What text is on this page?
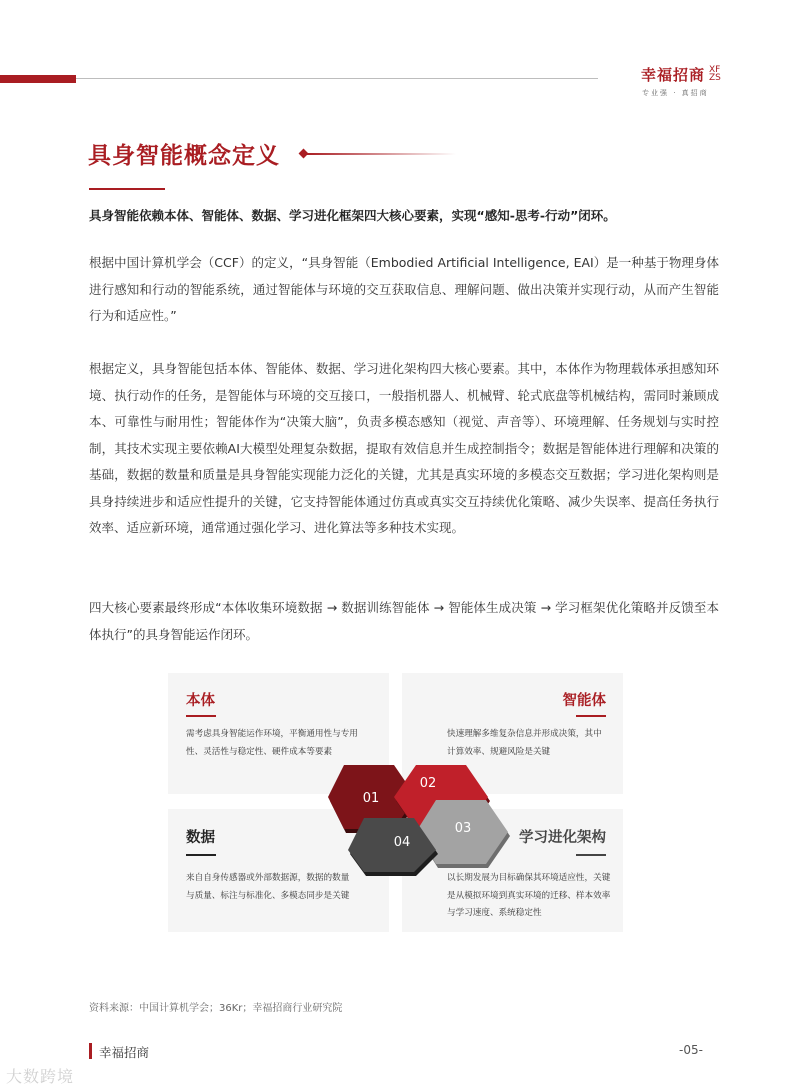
幸福招商 XF ZS
专业强 · 真招商
具身智能概念定义
具身智能依赖本体、智能体、数据、学习进化框架四大核心要素，实现“感知-思考-行动”闭环。
根据中国计算机学会（CCF）的定义，“具身智能（Embodied Artificial Intelligence, EAI）是一种基于物理身体进行感知和行动的智能系统，通过智能体与环境的交互获取信息、理解问题、做出决策并实现行动，从而产生智能行为和适应性。”
根据定义，具身智能包括本体、智能体、数据、学习进化架构四大核心要素。其中，本体作为物理载体承担感知环境、执行动作的任务，是智能体与环境的交互接口，一般指机器人、机械臂、轮式底盘等机械结构，需同时兼顾成本、可靠性与耐用性；智能体作为“决策大脑”，负责多模态感知（视觉、声音等）、环境理解、任务规划与实时控制，其技术实现主要依赖AI大模型处理复杂数据，提取有效信息并生成控制指令；数据是智能体进行理解和决策的基础，数据的数量和质量是具身智能实现能力泛化的关键，尤其是真实环境的多模态交互数据；学习进化架构则是具身持续进步和适应性提升的关键，它支持智能体通过仿真或真实交互持续优化策略、减少失误率、提高任务执行效率、适应新环境，通常通过强化学习、进化算法等多种技术实现。
四大核心要素最终形成“本体收集环境数据 → 数据训练智能体 → 智能体生成决策 → 学习框架优化策略并反馈至本体执行”的具身智能运作闭环。
本体
需考虑具身智能运作环境，平衡通用性与专用性、灵活性与稳定性、硬件成本等要素
智能体
快速理解多维复杂信息并形成决策，其中计算效率、规避风险是关键
数据
来自自身传感器或外部数据源，数据的数量与质量、标注与标准化、多模态同步是关键
学习进化架构
以长期发展为目标确保其环境适应性，关键是从模拟环境到真实环境的迁移、样本效率与学习速度、系统稳定性
01
02
03
04
资料来源：中国计算机学会；36Kr；幸福招商行业研究院
幸福招商	-05-
大数跨境
